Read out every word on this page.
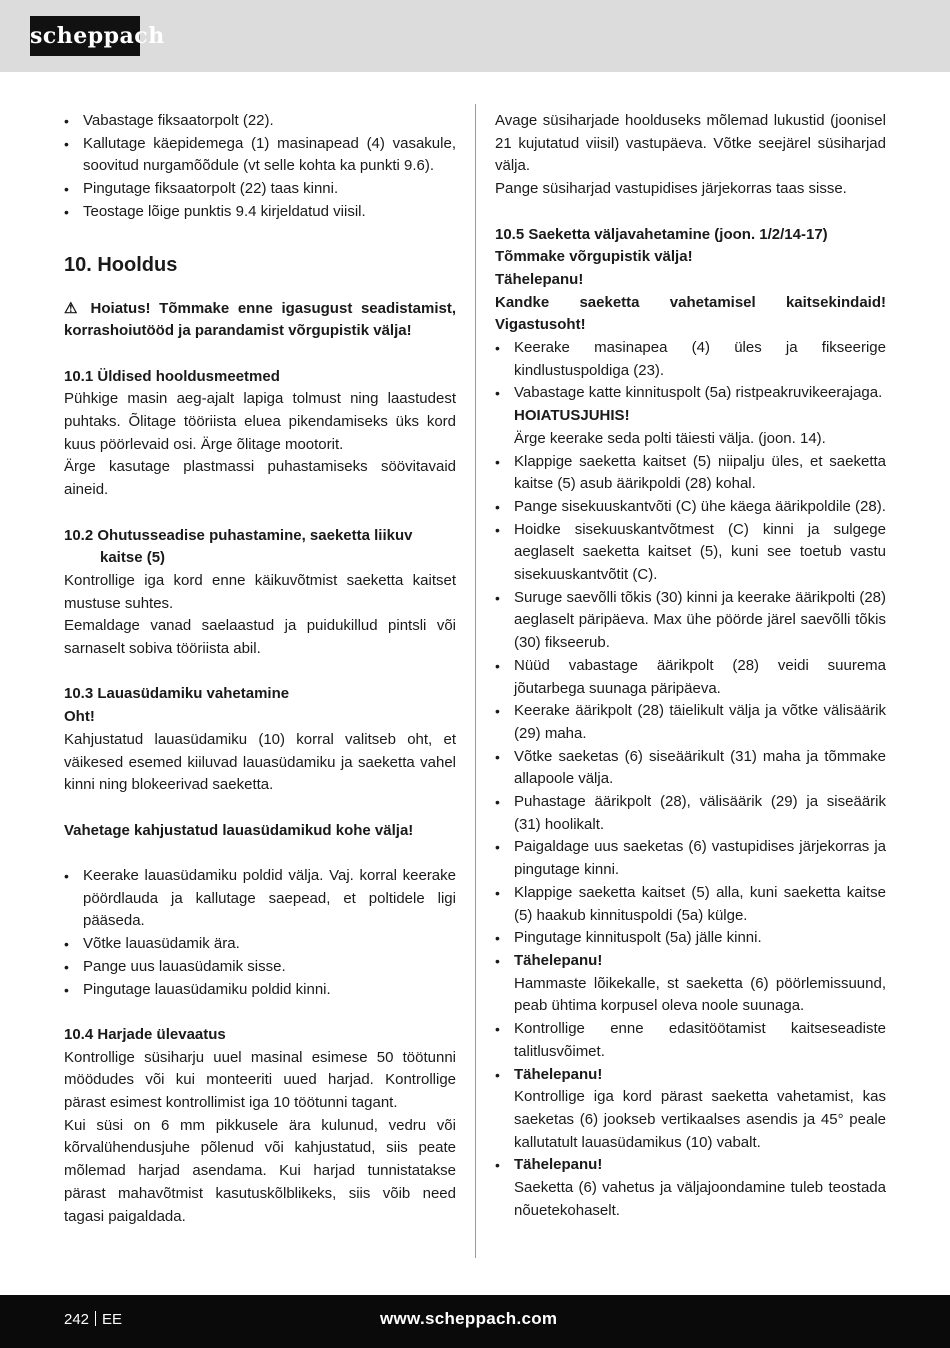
scheppach
• Vabastage fiksaatorpolt (22).
• Kallutage käepidemega (1) masinapead (4) vasakule, soovitud nurgamõõdule (vt selle kohta ka punkti 9.6).
• Pingutage fiksaatorpolt (22) taas kinni.
• Teostage lõige punktis 9.4 kirjeldatud viisil.
10. Hooldus

⚠ Hoiatus! Tõmmake enne igasugust seadistamist, korrashoiutööd ja parandamist võrgupistik välja!

10.1 Üldised hooldusmeetmed

Pühkige masin aeg-ajalt lapiga tolmust ning laastudest puhtaks. Õlitage tööriista eluea pikendamiseks üks kord kuus pöörlevaid osi. Ärge õlitage mootorit.

Ärge kasutage plastmassi puhastamiseks söövitavaid aineid.

10.2 Ohutusseadise puhastamine, saeketta liikuv

kaitse (5)

Kontrollige iga kord enne käikuvõtmist saeketta kaitset mustuse suhtes.

Eemaldage vanad saelaastud ja puidukillud pintsli või sarnaselt sobiva tööriista abil.

10.3 Lauasüdamiku vahetamine

Oht!

Kahjustatud lauasüdamiku (10) korral valitseb oht, et väikesed esemed kiiluvad lauasüdamiku ja saeketta vahel kinni ning blokeerivad saeketta.

Vahetage kahjustatud lauasüdamikud kohe välja!

• Keerake lauasüdamiku poldid välja. Vaj. korral keerake pöördlauda ja kallutage saepead, et poltidele ligi pääseda.
• Võtke lauasüdamik ära.
• Pange uus lauasüdamik sisse.
• Pingutage lauasüdamiku poldid kinni.

10.4 Harjade ülevaatus

Kontrollige süsiharju uuel masinal esimese 50 töötunni möödudes või kui monteeriti uued harjad. Kontrollige pärast esimest kontrollimist iga 10 töötunni tagant.

Kui süsi on 6 mm pikkusele ära kulunud, vedru või kõrvalühendusjuhe põlenud või kahjustatud, siis peate mõlemad harjad asendama. Kui harjad tunnistatakse pärast mahavõtmist kasutuskõlblikeks, siis võib need tagasi paigaldada.

Avage süsiharjade hoolduseks mõlemad lukustid (joonisel 21 kujutatud viisil) vastupäeva. Võtke seejärel süsiharjad välja.

Pange süsiharjad vastupidises järjekorras taas sisse.

10.5 Saeketta väljavahetamine (joon. 1/2/14-17)

Tõmmake võrgupistik välja!

Tähelepanu!

Kandke saeketta vahetamisel kaitsekindaid! Vigastusoht!

• Keerake masinapea (4) üles ja fikseerige kindlustuspoldiga (23).
• Vabastage katte kinnituspolt (5a) ristpeakruvikeerajaga.
HOIATUSJUHIS!
Ärge keerake seda polti täiesti välja. (joon. 14).
• Klappige saeketta kaitset (5) niipalju üles, et saeketta kaitse (5) asub äärikpoldi (28) kohal.
• Pange sisekuuskantvõti (C) ühe käega äärikpoldile (28).
• Hoidke sisekuuskantvõtmest (C) kinni ja sulgege aeglaselt saeketta kaitset (5), kuni see toetub vastu sisekuuskantvõtit (C).
• Suruge saevõlli tõkis (30) kinni ja keerake äärikpolti (28) aeglaselt päripäeva. Max ühe pöörde järel saevõlli tõkis (30) fikseerub.
• Nüüd vabastage äärikpolt (28) veidi suurema jõutarbega suunaga päripäeva.
• Keerake äärikpolt (28) täielikult välja ja võtke välisäärik (29) maha.
• Võtke saeketas (6) siseäärikult (31) maha ja tõmmake allapoole välja.
• Puhastage äärikpolt (28), välisäärik (29) ja siseäärik (31) hoolikalt.
• Paigaldage uus saeketas (6) vastupidises järjekorras ja pingutage kinni.
• Klappige saeketta kaitset (5) alla, kuni saeketta kaitse (5) haakub kinnituspoldi (5a) külge.
• Pingutage kinnituspolt (5a) jälle kinni.
• Tähelepanu!
Hammaste lõikekalle, st saeketta (6) pöörlemissuund, peab ühtima korpusel oleva noole suunaga.
• Kontrollige enne edasitöötamist kaitseseadiste talitlusvõimet.
• Tähelepanu!
Kontrollige iga kord pärast saeketta vahetamist, kas saeketas (6) jookseb vertikaalses asendis ja 45° peale kallutatult lauasüdamikus (10) vabalt.
• Tähelepanu!
Saeketta (6) vahetus ja väljajoondamine tuleb teostada nõuetekohaselt.
242 EE	www.scheppach.com
